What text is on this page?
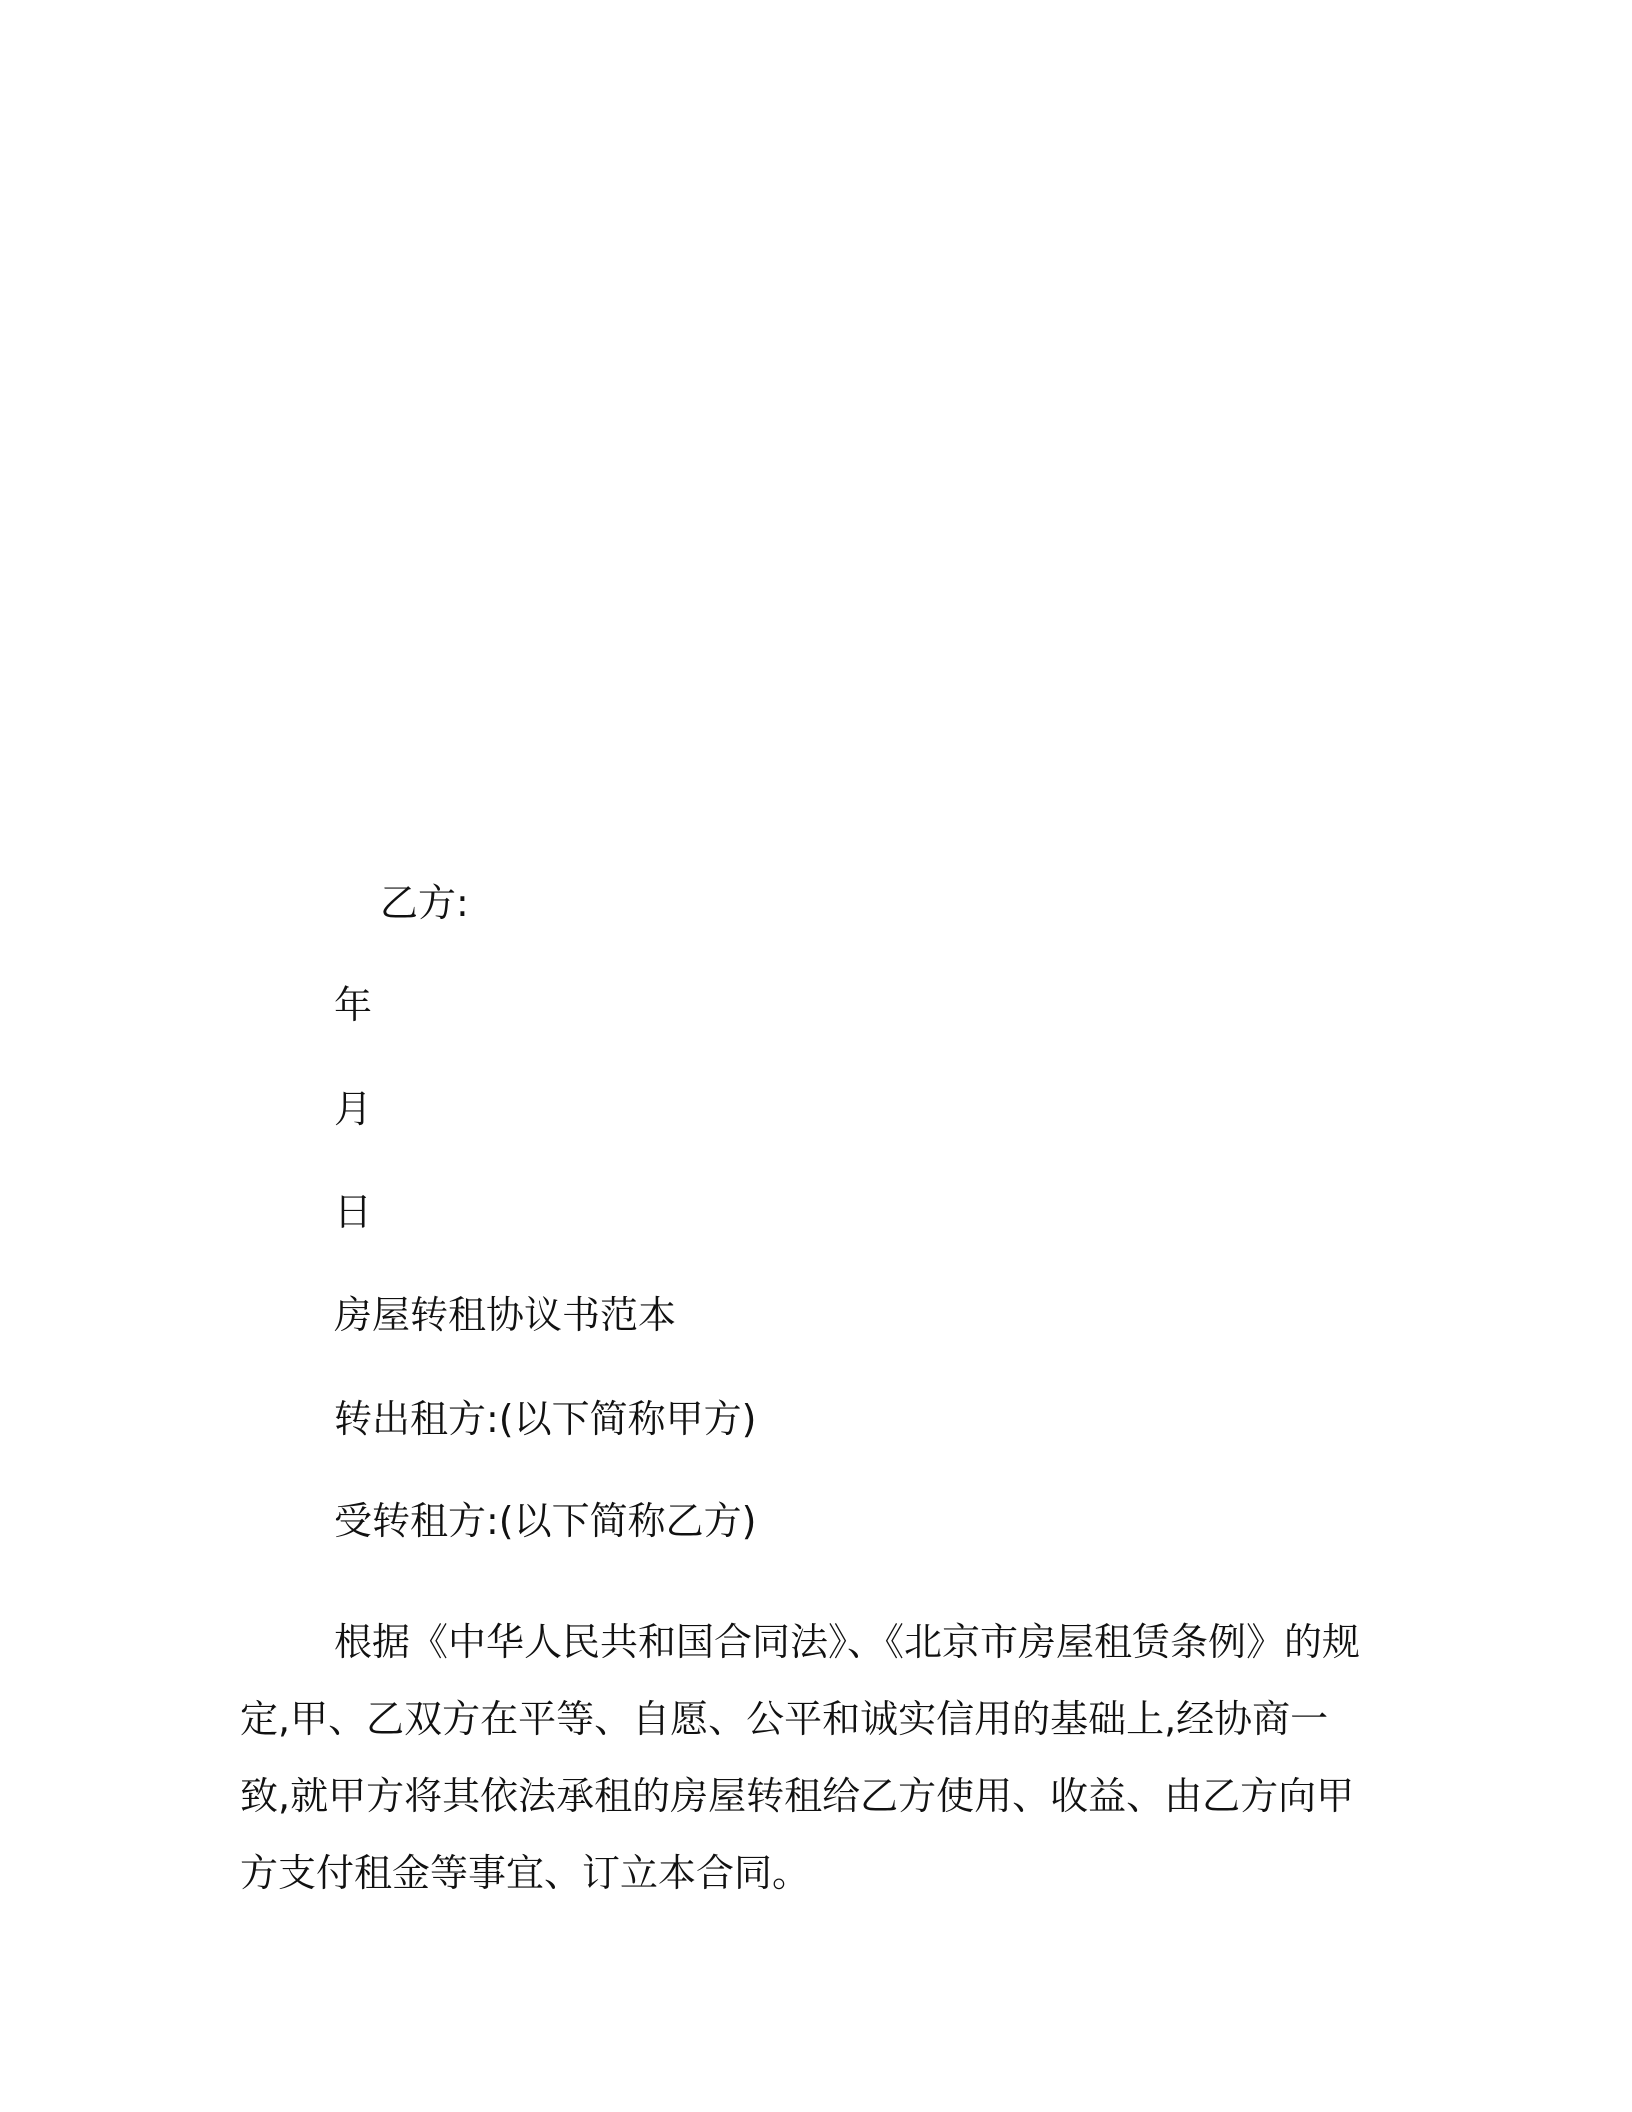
乙方:
年
月
日
房屋转租协议书范本
转出租方:(以下简称甲方)
受转租方:(以下简称乙方)
根据《中华人民共和国合同法》、《北京市房屋租赁条例》的规
定,甲、乙双方在平等、自愿、公平和诚实信用的基础上,经协商一
致,就甲方将其依法承租的房屋转租给乙方使用、收益、由乙方向甲
方支付租金等事宜、订立本合同。
